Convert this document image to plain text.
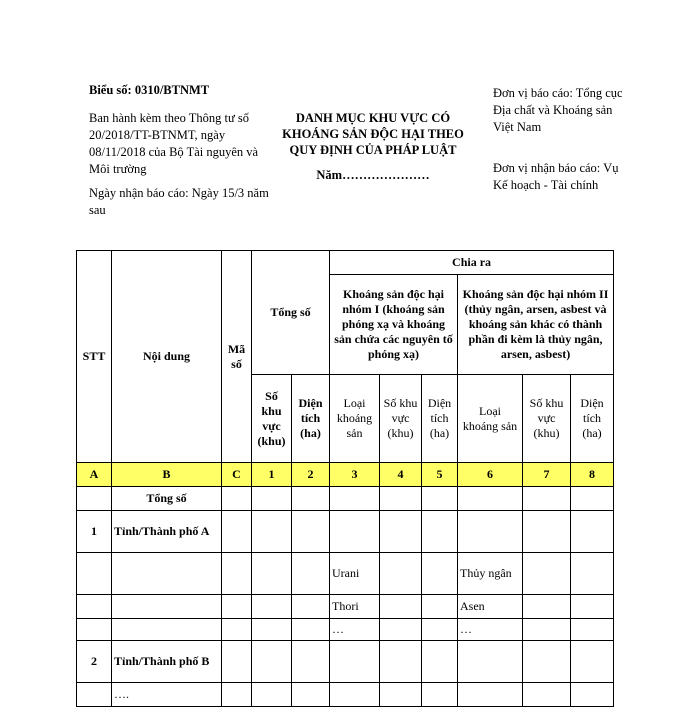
Biểu số: 0310/BTNMT
Ban hành kèm theo Thông tư số 20/2018/TT-BTNMT, ngày 08/11/2018 của Bộ Tài nguyên và Môi trường
Ngày nhận báo cáo: Ngày 15/3 năm sau
DANH MỤC KHU VỰC CÓ KHOÁNG SẢN ĐỘC HẠI THEO QUY ĐỊNH CỦA PHÁP LUẬT
Năm…………………
Đơn vị báo cáo: Tổng cục Địa chất và Khoáng sản Việt Nam
Đơn vị nhận báo cáo: Vụ Kế hoạch - Tài chính
STT	Nội dung	Mã số	Tổng số		Chia ra					
					Khoáng sản độc hại nhóm I (khoáng sản phóng xạ và khoáng sản chứa các nguyên tố phóng xạ)			Khoáng sản độc hại nhóm II (thủy ngân, arsen, asbest và khoáng sản khác có thành phần đi kèm là thủy ngân, arsen, asbest)		
			Số khu vực (khu)	Diện tích (ha)	Loại khoáng sản	Số khu vực (khu)	Diện tích (ha)	Loại khoáng sản	Số khu vực (khu)	Diện tích (ha)
A	B	C	1	2	3	4	5	6	7	8
	Tổng số									
1	Tỉnh/Thành phố A									
					Urani			Thủy ngân		
					Thori			Asen		
					…			…		
2	Tỉnh/Thành phố B									
	….									
